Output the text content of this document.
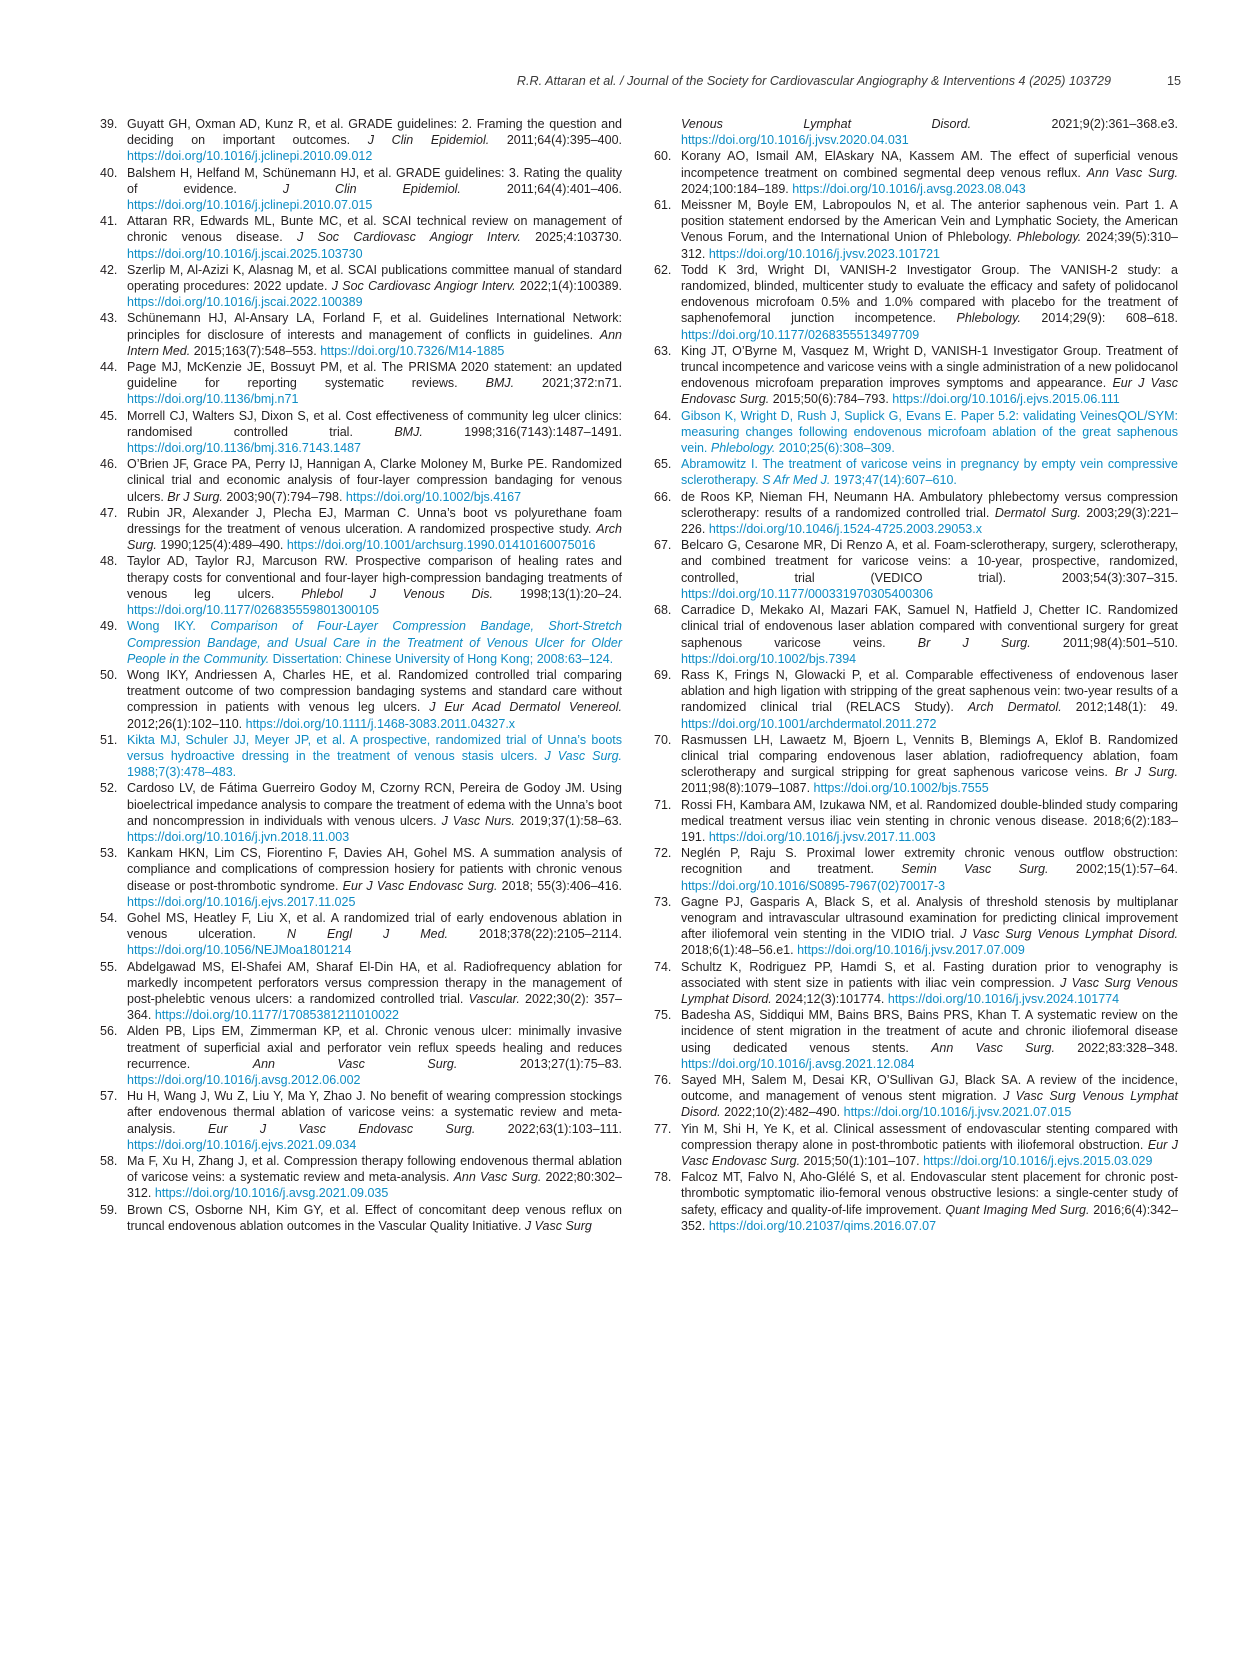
R.R. Attaran et al. / Journal of the Society for Cardiovascular Angiography & Interventions 4 (2025) 103729	15
39. Guyatt GH, Oxman AD, Kunz R, et al. GRADE guidelines: 2. Framing the question and deciding on important outcomes. J Clin Epidemiol. 2011;64(4):395–400. https://doi.org/10.1016/j.jclinepi.2010.09.012
40. Balshem H, Helfand M, Schünemann HJ, et al. GRADE guidelines: 3. Rating the quality of evidence. J Clin Epidemiol. 2011;64(4):401–406. https://doi.org/10.1016/j.jclinepi.2010.07.015
41. Attaran RR, Edwards ML, Bunte MC, et al. SCAI technical review on management of chronic venous disease. J Soc Cardiovasc Angiogr Interv. 2025;4:103730. https://doi.org/10.1016/j.jscai.2025.103730
42. Szerlip M, Al-Azizi K, Alasnag M, et al. SCAI publications committee manual of standard operating procedures: 2022 update. J Soc Cardiovasc Angiogr Interv. 2022;1(4):100389. https://doi.org/10.1016/j.jscai.2022.100389
43. Schünemann HJ, Al-Ansary LA, Forland F, et al. Guidelines International Network: principles for disclosure of interests and management of conflicts in guidelines. Ann Intern Med. 2015;163(7):548–553. https://doi.org/10.7326/M14-1885
44. Page MJ, McKenzie JE, Bossuyt PM, et al. The PRISMA 2020 statement: an updated guideline for reporting systematic reviews. BMJ. 2021;372:n71. https://doi.org/10.1136/bmj.n71
45. Morrell CJ, Walters SJ, Dixon S, et al. Cost effectiveness of community leg ulcer clinics: randomised controlled trial. BMJ. 1998;316(7143):1487–1491. https://doi.org/10.1136/bmj.316.7143.1487
46. O’Brien JF, Grace PA, Perry IJ, Hannigan A, Clarke Moloney M, Burke PE. Randomized clinical trial and economic analysis of four-layer compression bandaging for venous ulcers. Br J Surg. 2003;90(7):794–798. https://doi.org/10.1002/bjs.4167
47. Rubin JR, Alexander J, Plecha EJ, Marman C. Unna’s boot vs polyurethane foam dressings for the treatment of venous ulceration. A randomized prospective study. Arch Surg. 1990;125(4):489–490. https://doi.org/10.1001/archsurg.1990.01410160075016
48. Taylor AD, Taylor RJ, Marcuson RW. Prospective comparison of healing rates and therapy costs for conventional and four-layer high-compression bandaging treatments of venous leg ulcers. Phlebol J Venous Dis. 1998;13(1):20–24. https://doi.org/10.1177/026835559801300105
49. Wong IKY. Comparison of Four-Layer Compression Bandage, Short-Stretch Compression Bandage, and Usual Care in the Treatment of Venous Ulcer for Older People in the Community. Dissertation: Chinese University of Hong Kong; 2008:63–124.
50. Wong IKY, Andriessen A, Charles HE, et al. Randomized controlled trial comparing treatment outcome of two compression bandaging systems and standard care without compression in patients with venous leg ulcers. J Eur Acad Dermatol Venereol. 2012;26(1):102–110. https://doi.org/10.1111/j.1468-3083.2011.04327.x
51. Kikta MJ, Schuler JJ, Meyer JP, et al. A prospective, randomized trial of Unna’s boots versus hydroactive dressing in the treatment of venous stasis ulcers. J Vasc Surg. 1988;7(3):478–483.
52. Cardoso LV, de Fátima Guerreiro Godoy M, Czorny RCN, Pereira de Godoy JM. Using bioelectrical impedance analysis to compare the treatment of edema with the Unna’s boot and noncompression in individuals with venous ulcers. J Vasc Nurs. 2019;37(1):58–63. https://doi.org/10.1016/j.jvn.2018.11.003
53. Kankam HKN, Lim CS, Fiorentino F, Davies AH, Gohel MS. A summation analysis of compliance and complications of compression hosiery for patients with chronic venous disease or post-thrombotic syndrome. Eur J Vasc Endovasc Surg. 2018; 55(3):406–416. https://doi.org/10.1016/j.ejvs.2017.11.025
54. Gohel MS, Heatley F, Liu X, et al. A randomized trial of early endovenous ablation in venous ulceration. N Engl J Med. 2018;378(22):2105–2114. https://doi.org/10.1056/NEJMoa1801214
55. Abdelgawad MS, El-Shafei AM, Sharaf El-Din HA, et al. Radiofrequency ablation for markedly incompetent perforators versus compression therapy in the management of post-phelebtic venous ulcers: a randomized controlled trial. Vascular. 2022;30(2): 357–364. https://doi.org/10.1177/17085381211010022
56. Alden PB, Lips EM, Zimmerman KP, et al. Chronic venous ulcer: minimally invasive treatment of superficial axial and perforator vein reflux speeds healing and reduces recurrence. Ann Vasc Surg. 2013;27(1):75–83. https://doi.org/10.1016/j.avsg.2012.06.002
57. Hu H, Wang J, Wu Z, Liu Y, Ma Y, Zhao J. No benefit of wearing compression stockings after endovenous thermal ablation of varicose veins: a systematic review and meta-analysis. Eur J Vasc Endovasc Surg. 2022;63(1):103–111. https://doi.org/10.1016/j.ejvs.2021.09.034
58. Ma F, Xu H, Zhang J, et al. Compression therapy following endovenous thermal ablation of varicose veins: a systematic review and meta-analysis. Ann Vasc Surg. 2022;80:302–312. https://doi.org/10.1016/j.avsg.2021.09.035
59. Brown CS, Osborne NH, Kim GY, et al. Effect of concomitant deep venous reflux on truncal endovenous ablation outcomes in the Vascular Quality Initiative. J Vasc Surg
Venous Lymphat Disord. 2021;9(2):361–368.e3. https://doi.org/10.1016/j.jvsv.2020.04.031
60. Korany AO, Ismail AM, ElAskary NA, Kassem AM. The effect of superficial venous incompetence treatment on combined segmental deep venous reflux. Ann Vasc Surg. 2024;100:184–189. https://doi.org/10.1016/j.avsg.2023.08.043
61. Meissner M, Boyle EM, Labropoulos N, et al. The anterior saphenous vein. Part 1. A position statement endorsed by the American Vein and Lymphatic Society, the American Venous Forum, and the International Union of Phlebology. Phlebology. 2024;39(5):310–312. https://doi.org/10.1016/j.jvsv.2023.101721
62. Todd K 3rd, Wright DI, VANISH-2 Investigator Group. The VANISH-2 study: a randomized, blinded, multicenter study to evaluate the efficacy and safety of polidocanol endovenous microfoam 0.5% and 1.0% compared with placebo for the treatment of saphenofemoral junction incompetence. Phlebology. 2014;29(9): 608–618. https://doi.org/10.1177/0268355513497709
63. King JT, O’Byrne M, Vasquez M, Wright D, VANISH-1 Investigator Group. Treatment of truncal incompetence and varicose veins with a single administration of a new polidocanol endovenous microfoam preparation improves symptoms and appearance. Eur J Vasc Endovasc Surg. 2015;50(6):784–793. https://doi.org/10.1016/j.ejvs.2015.06.111
64. Gibson K, Wright D, Rush J, Suplick G, Evans E. Paper 5.2: validating VeinesQOL/SYM: measuring changes following endovenous microfoam ablation of the great saphenous vein. Phlebology. 2010;25(6):308–309.
65. Abramowitz I. The treatment of varicose veins in pregnancy by empty vein compressive sclerotherapy. S Afr Med J. 1973;47(14):607–610.
66. de Roos KP, Nieman FH, Neumann HA. Ambulatory phlebectomy versus compression sclerotherapy: results of a randomized controlled trial. Dermatol Surg. 2003;29(3):221–226. https://doi.org/10.1046/j.1524-4725.2003.29053.x
67. Belcaro G, Cesarone MR, Di Renzo A, et al. Foam-sclerotherapy, surgery, sclerotherapy, and combined treatment for varicose veins: a 10-year, prospective, randomized, controlled, trial (VEDICO trial). 2003;54(3):307–315. https://doi.org/10.1177/000331970305400306
68. Carradice D, Mekako AI, Mazari FAK, Samuel N, Hatfield J, Chetter IC. Randomized clinical trial of endovenous laser ablation compared with conventional surgery for great saphenous varicose veins. Br J Surg. 2011;98(4):501–510. https://doi.org/10.1002/bjs.7394
69. Rass K, Frings N, Glowacki P, et al. Comparable effectiveness of endovenous laser ablation and high ligation with stripping of the great saphenous vein: two-year results of a randomized clinical trial (RELACS Study). Arch Dermatol. 2012;148(1): 49. https://doi.org/10.1001/archdermatol.2011.272
70. Rasmussen LH, Lawaetz M, Bjoern L, Vennits B, Blemings A, Eklof B. Randomized clinical trial comparing endovenous laser ablation, radiofrequency ablation, foam sclerotherapy and surgical stripping for great saphenous varicose veins. Br J Surg. 2011;98(8):1079–1087. https://doi.org/10.1002/bjs.7555
71. Rossi FH, Kambara AM, Izukawa NM, et al. Randomized double-blinded study comparing medical treatment versus iliac vein stenting in chronic venous disease. 2018;6(2):183–191. https://doi.org/10.1016/j.jvsv.2017.11.003
72. Neglén P, Raju S. Proximal lower extremity chronic venous outflow obstruction: recognition and treatment. Semin Vasc Surg. 2002;15(1):57–64. https://doi.org/10.1016/S0895-7967(02)70017-3
73. Gagne PJ, Gasparis A, Black S, et al. Analysis of threshold stenosis by multiplanar venogram and intravascular ultrasound examination for predicting clinical improvement after iliofemoral vein stenting in the VIDIO trial. J Vasc Surg Venous Lymphat Disord. 2018;6(1):48–56.e1. https://doi.org/10.1016/j.jvsv.2017.07.009
74. Schultz K, Rodriguez PP, Hamdi S, et al. Fasting duration prior to venography is associated with stent size in patients with iliac vein compression. J Vasc Surg Venous Lymphat Disord. 2024;12(3):101774. https://doi.org/10.1016/j.jvsv.2024.101774
75. Badesha AS, Siddiqui MM, Bains BRS, Bains PRS, Khan T. A systematic review on the incidence of stent migration in the treatment of acute and chronic iliofemoral disease using dedicated venous stents. Ann Vasc Surg. 2022;83:328–348. https://doi.org/10.1016/j.avsg.2021.12.084
76. Sayed MH, Salem M, Desai KR, O’Sullivan GJ, Black SA. A review of the incidence, outcome, and management of venous stent migration. J Vasc Surg Venous Lymphat Disord. 2022;10(2):482–490. https://doi.org/10.1016/j.jvsv.2021.07.015
77. Yin M, Shi H, Ye K, et al. Clinical assessment of endovascular stenting compared with compression therapy alone in post-thrombotic patients with iliofemoral obstruction. Eur J Vasc Endovasc Surg. 2015;50(1):101–107. https://doi.org/10.1016/j.ejvs.2015.03.029
78. Falcoz MT, Falvo N, Aho-Glélé S, et al. Endovascular stent placement for chronic post-thrombotic symptomatic ilio-femoral venous obstructive lesions: a single-center study of safety, efficacy and quality-of-life improvement. Quant Imaging Med Surg. 2016;6(4):342–352. https://doi.org/10.21037/qims.2016.07.07
